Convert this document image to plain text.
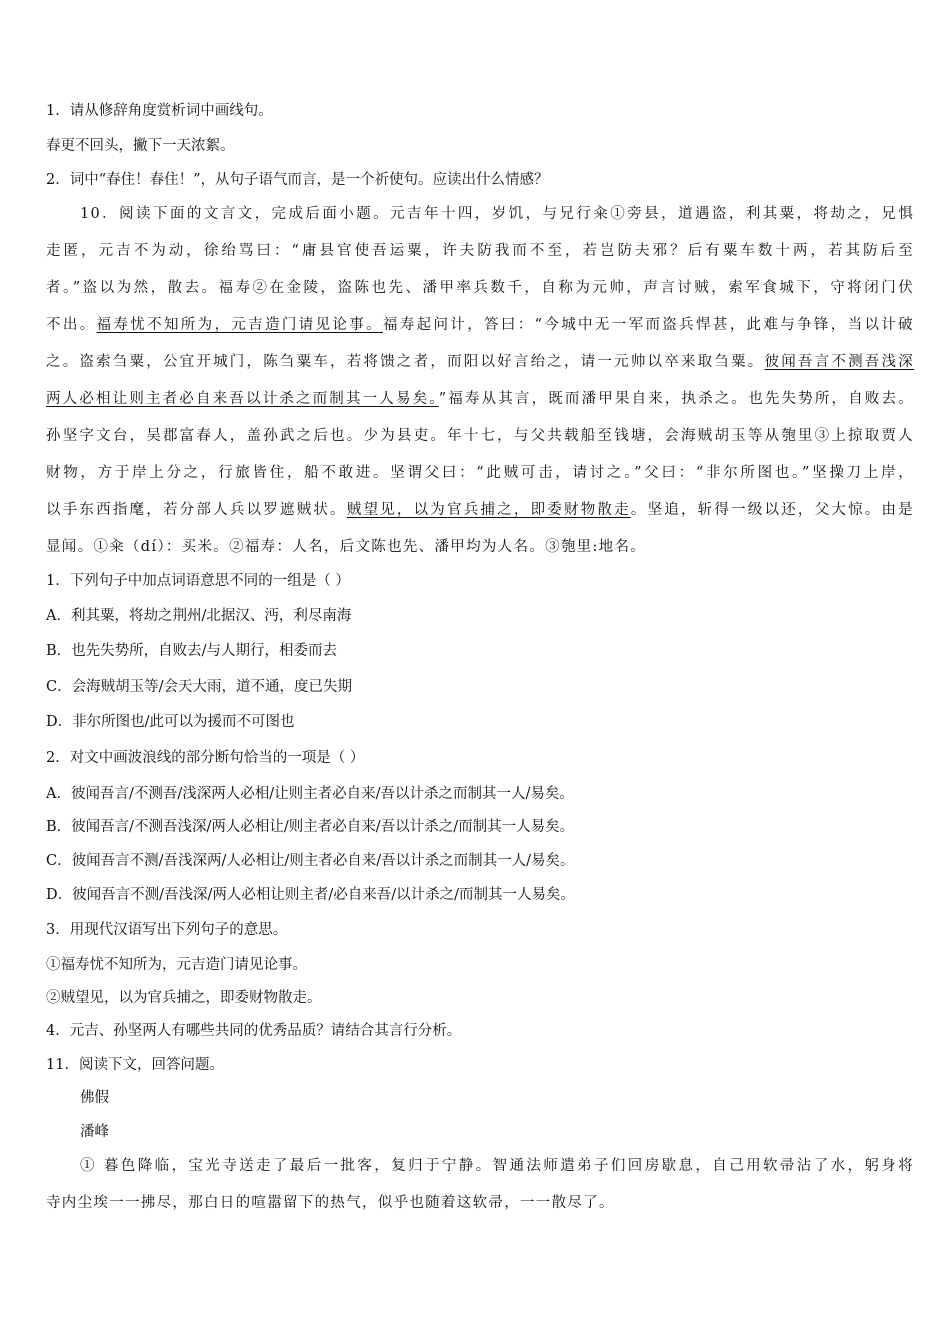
1．请从修辞角度赏析词中画线句。
春更不回头，撇下一天浓絮。
2．词中“春住！春住！”，从句子语气而言，是一个祈使句。应读出什么情感？
10．阅读下面的文言文，完成后面小题。元吉年十四，岁饥，与兄行籴①旁县，道遇盗，利其粟，将劫之，兄惧
走匿，元吉不为动，徐绐骂曰：“庸县官使吾运粟，许夫防我而不至，若岂防夫邪？后有粟车数十两，若其防后至
者。”盗以为然，散去。福寿②在金陵，盗陈也先、潘甲率兵数千，自称为元帅，声言讨贼，索军食城下，守将闭门伏
不出。福寿忧不知所为，元吉造门请见论事。福寿起问计，答曰：“今城中无一军而盗兵悍甚，此难与争锋，当以计破
之。盗索刍粟，公宜开城门，陈刍粟车，若将馈之者，而阳以好言绐之，请一元帅以卒来取刍粟。彼闻吾言不测吾浅深
两人必相让则主者必自来吾以计杀之而制其一人易矣。”福寿从其言，既而潘甲果自来，执杀之。也先失势所，自败去。
孙坚字文台，吴郡富春人，盖孙武之后也。少为县吏。年十七，与父共载船至钱塘，会海贼胡玉等从匏里③上掠取贾人
财物，方于岸上分之，行旅皆住，船不敢进。坚谓父曰：“此贼可击，请讨之。”父曰：“非尔所图也。”坚操刀上岸，
以手东西指麾，若分部人兵以罗遮贼状。贼望见，以为官兵捕之，即委财物散走。坚追，斩得一级以还，父大惊。由是
显闻。①籴（dí）：买米。②福寿：人名，后文陈也先、潘甲均为人名。③匏里:地名。
1．下列句子中加点词语意思不同的一组是（ ）
A．利其粟，将劫之荆州/北据汉、沔，利尽南海
B．也先失势所，自败去/与人期行，相委而去
C．会海贼胡玉等/会天大雨，道不通，度已失期
D．非尔所图也/此可以为援而不可图也
2．对文中画波浪线的部分断句恰当的一项是（ ）
A．彼闻吾言/不测吾/浅深两人必相/让则主者必自来/吾以计杀之而制其一人/易矣。
B．彼闻吾言/不测吾浅深/两人必相让/则主者必自来/吾以计杀之/而制其一人易矣。
C．彼闻吾言不测/吾浅深两/人必相让/则主者必自来/吾以计杀之而制其一人/易矣。
D．彼闻吾言不测/吾浅深/两人必相让则主者/必自来吾/以计杀之/而制其一人易矣。
3．用现代汉语写出下列句子的意思。
①福寿忧不知所为，元吉造门请见论事。
②贼望见，以为官兵捕之，即委财物散走。
4．元吉、孙坚两人有哪些共同的优秀品质？请结合其言行分析。
11．阅读下文，回答问题。
佛假
潘峰
① 暮色降临，宝光寺送走了最后一批客，复归于宁静。智通法师遣弟子们回房歇息，自己用软帚沾了水，躬身将
寺内尘埃一一拂尽，那白日的喧嚣留下的热气，似乎也随着这软帚，一一散尽了。
